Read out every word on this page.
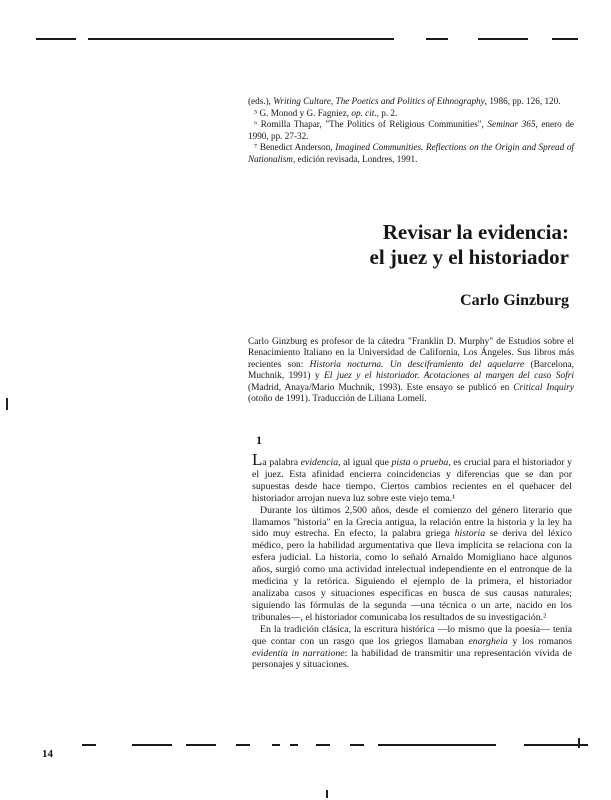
(eds.), Writing Culture, The Poetics and Politics of Ethnography, 1986, pp. 126, 120.

⁵ G. Monod y G. Fagniez, op. cit., p. 2.

⁶ Romilla Thapar, "The Politics of Religious Communities", Seminar 365, enero de 1990, pp. 27-32.

⁷ Benedict Anderson, Imagined Communities. Reflections on the Origin and Spread of Nationalism, edición revisada, Londres, 1991.

Revisar la evidencia:
el juez y el historiador
Carlo Ginzburg

Carlo Ginzburg es profesor de la cátedra "Franklin D. Murphy" de Estudios sobre el Renacimiento Italiano en la Universidad de California, Los Ángeles. Sus libros más recientes son: Historia nocturna. Un desciframiento del aquelarre (Barcelona, Muchnik, 1991) y El juez y el historiador. Acotaciones al margen del caso Sofri (Madrid, Anaya/Mario Muchnik, 1993). Este ensayo se publicó en Critical Inquiry (otoño de 1991). Traducción de Liliana Lomelí.

1

La palabra evidencia, al igual que pista o prueba, es crucial para el historiador y el juez. Esta afinidad encierra coincidencias y diferencias que se dan por supuestas desde hace tiempo. Ciertos cambios recientes en el quehacer del historiador arrojan nueva luz sobre este viejo tema.¹

Durante los últimos 2,500 años, desde el comienzo del género literario que llamamos "historia" en la Grecia antigua, la relación entre la historia y la ley ha sido muy estrecha. En efecto, la palabra griega historia se deriva del léxico médico, pero la habilidad argumentativa que lleva implícita se relaciona con la esfera judicial. La historia, como lo señaló Arnaldo Momigliano hace algunos años, surgió como una actividad intelectual independiente en el entronque de la medicina y la retórica. Siguiendo el ejemplo de la primera, el historiador analizaba casos y situaciones específicas en busca de sus causas naturales; siguiendo las fórmulas de la segunda —una técnica o un arte, nacido en los tribunales—, el historiador comunicaba los resultados de su investigación.²

En la tradición clásica, la escritura histórica —lo mismo que la poesía— tenía que contar con un rasgo que los griegos llamaban enargheia y los romanos evidentia in narratione: la habilidad de transmitir una representación vívida de personajes y situaciones.

14
